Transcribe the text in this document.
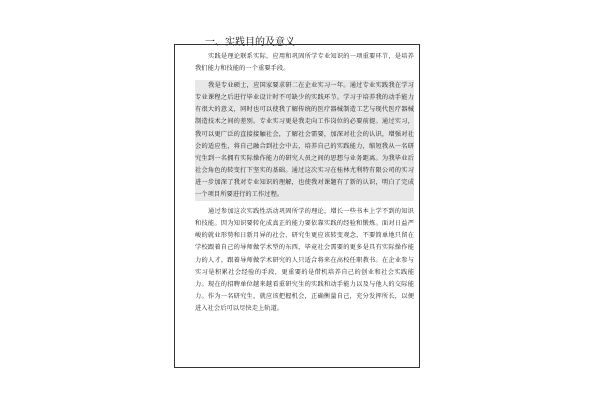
一、实践目的及意义

实践是理论联系实际，应用和巩固所学专业知识的一项重要环节，是培养我们能力和技能的一个重要手段。

我是专业硕士，应国家要求研二在企业实习一年。通过专业实践我在学习专业课程之后进行毕业设计时不可缺少的实践环节。学习于培养我的动手能力有很大的意义，同时也可以使我了解传统的医疗器械制造工艺与现代医疗器械制造技术之间的差别。专业实习更是我走向工作岗位的必要前提。通过实习，我可以更广泛的直接接触社会，了解社会需要，加深对社会的认识，增强对社会的适应性，将自己融合到社会中去，培养自己的实践能力，缩短我从一名研究生到一名拥有实际操作能力的研究人员之间的思想与业务距离。为我毕业后社会角色的转变打下坚实的基础。通过这次实习在桂林尤利特有限公司的实习进一步加深了我对专业知识的理解，也使我对课题有了新的认识，明白了完成一个项目所要进行的工作过程。

通过参加这次实践性活动巩固所学的理论，增长一些书本上学不到的知识和技能。因为知识要转化成真正的能力要依靠实践的经验和锻炼。面对日益严峻的就业形势和日新月异的社会，研究生更应该转变观念，不要简单地只留在学校跟着自己的导师做学术型的东西，毕竟社会需要的更多是具有实际操作能力的人才。跟着导师做学术研究的人只适合将来在高校任职教书。在企业参与实习是积累社会经验的手段，更重要的是借机培养自己的创业和社会实践能力。现在的招聘单位越来越看重研究生的实践和动手能力以及与他人的交际能力。作为一名研究生，就应该把握机会，正确衡量自己，充分发挥所长，以便进入社会后可以尽快走上轨道。
